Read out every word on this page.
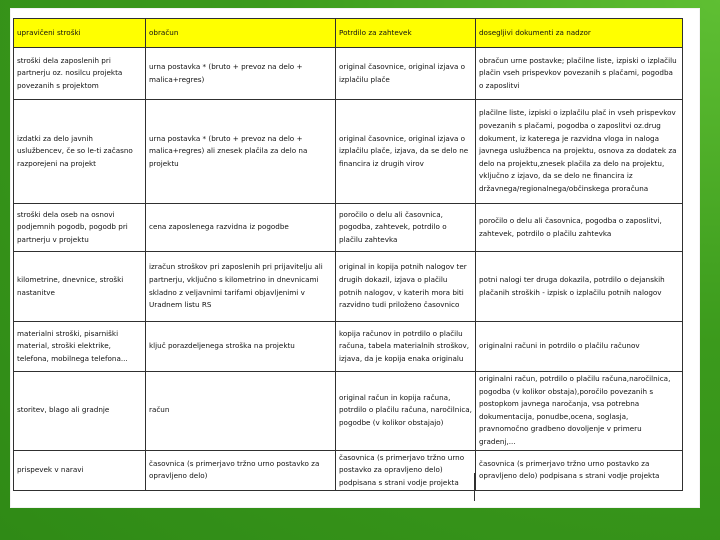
upravičeni stroški	obračun	Potrdilo za zahtevek	dosegljivi dokumenti za nadzor
stroški dela zaposlenih pri partnerju oz. nosilcu projekta povezanih s projektom	urna postavka * (bruto + prevoz na delo + malica+regres)	original časovnice, original izjava o izplačilu plače	obračun urne postavke; plačilne liste, izpiski o izplačilu plačin vseh prispevkov povezanih s plačami, pogodba o zaposlitvi
izdatki za delo javnih uslužbencev, če so le-ti začasno razporejeni na projekt	urna postavka * (bruto + prevoz na delo + malica+regres) ali znesek plačila za delo na projektu	original časovnice, original izjava o izplačilu plače, izjava, da se delo ne financira iz drugih virov	plačilne liste, izpiski o izplačilu plač in vseh prispevkov povezanih s plačami, pogodba o zaposlitvi oz.drug dokument, iz katerega je razvidna vloga in naloga javnega uslužbenca na projektu, osnova za dodatek za delo na projektu,znesek plačila za delo na projektu, vključno z izjavo, da se delo ne financira iz državnega/regionalnega/občinskega proračuna
stroški dela oseb na osnovi podjemnih pogodb, pogodb pri partnerju v projektu	cena zaposlenega razvidna iz pogodbe	poročilo o delu ali časovnica, pogodba, zahtevek, potrdilo o plačilu zahtevka	poročilo o delu ali časovnica, pogodba o zaposlitvi, zahtevek, potrdilo o plačilu zahtevka
kilometrine, dnevnice, stroški nastanitve	izračun stroškov pri zaposlenih pri prijavitelju ali partnerju, vključno s kilometrino in dnevnicami skladno z veljavnimi tarifami objavljenimi v Uradnem listu RS	original in kopija potnih nalogov ter drugih dokazil, izjava o plačilu potnih nalogov, v katerih mora biti razvidno tudi priloženo časovnico	potni nalogi ter druga dokazila, potrdilo o dejanskih plačanih stroških - izpisk o izplačilu potnih nalogov
materialni stroški, pisarniški material, stroški elektrike, telefona, mobilnega telefona...	ključ porazdeljenega stroška na projektu	kopija računov in potrdilo o plačilu računa, tabela materialnih stroškov, izjava, da je kopija enaka originalu	originalni računi in potrdilo o plačilu računov
storitev, blago ali gradnje	račun	original račun in kopija računa, potrdilo o plačilu računa, naročilnica, pogodbe (v kolikor obstajajo)	originalni račun, potrdilo o plačilu računa,naročilnica, pogodba (v kolikor obstaja),poročilo povezanih s postopkom javnega naročanja, vsa potrebna dokumentacija, ponudbe,ocena, soglasja, pravnomočno gradbeno dovoljenje v primeru gradenj,...
prispevek v naravi	časovnica (s primerjavo tržno urno postavko za opravljeno delo)	časovnica (s primerjavo tržno urno postavko za opravljeno delo) podpisana s strani vodje projekta	časovnica (s primerjavo tržno urno postavko za opravljeno delo) podpisana s strani vodje projekta
